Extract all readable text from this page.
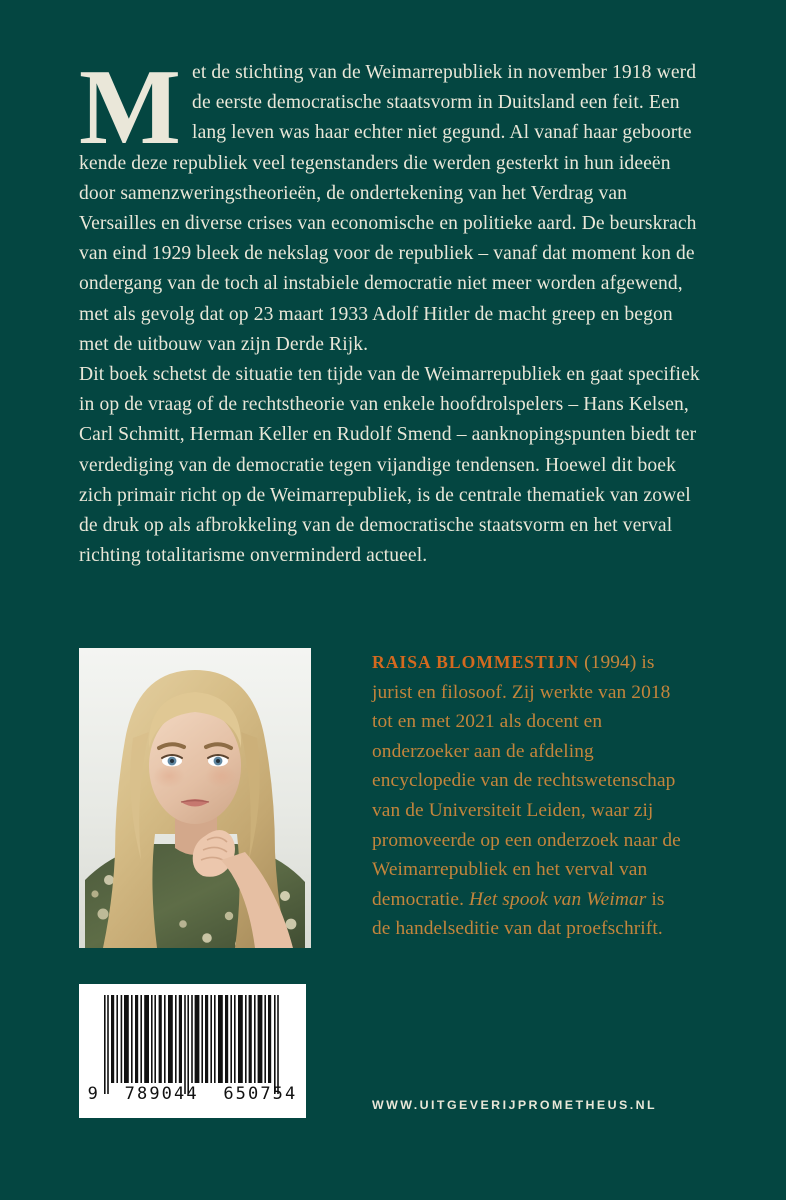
Met de stichting van de Weimarrepubliek in november 1918 werd de eerste democratische staatsvorm in Duitsland een feit. Een lang leven was haar echter niet gegund. Al vanaf haar geboorte kende deze republiek veel tegenstanders die werden gesterkt in hun ideeën door samenzweringstheorieën, de ondertekening van het Verdrag van Versailles en diverse crises van economische en politieke aard. De beurskrach van eind 1929 bleek de nekslag voor de republiek – vanaf dat moment kon de ondergang van de toch al instabiele democratie niet meer worden afgewend, met als gevolg dat op 23 maart 1933 Adolf Hitler de macht greep en begon met de uitbouw van zijn Derde Rijk.

Dit boek schetst de situatie ten tijde van de Weimarrepubliek en gaat specifiek in op de vraag of de rechtstheorie van enkele hoofdrolspelers – Hans Kelsen, Carl Schmitt, Herman Keller en Rudolf Smend – aanknopingspunten biedt ter verdediging van de democratie tegen vijandige tendensen. Hoewel dit boek zich primair richt op de Weimarrepubliek, is de centrale thematiek van zowel de druk op als afbrokkeling van de democratische staatsvorm en het verval richting totalitarisme onverminderd actueel.

RAISA BLOMMESTIJN (1994) is jurist en filosoof. Zij werkte van 2018 tot en met 2021 als docent en onderzoeker aan de afdeling encyclopedie van de rechtswetenschap van de Universiteit Leiden, waar zij promoveerde op een onderzoek naar de Weimarrepubliek en het verval van democratie. Het spook van Weimar is de handelseditie van dat proefschrift.

9  789044  650754
WWW.UITGEVERIJPROMETHEUS.NL
